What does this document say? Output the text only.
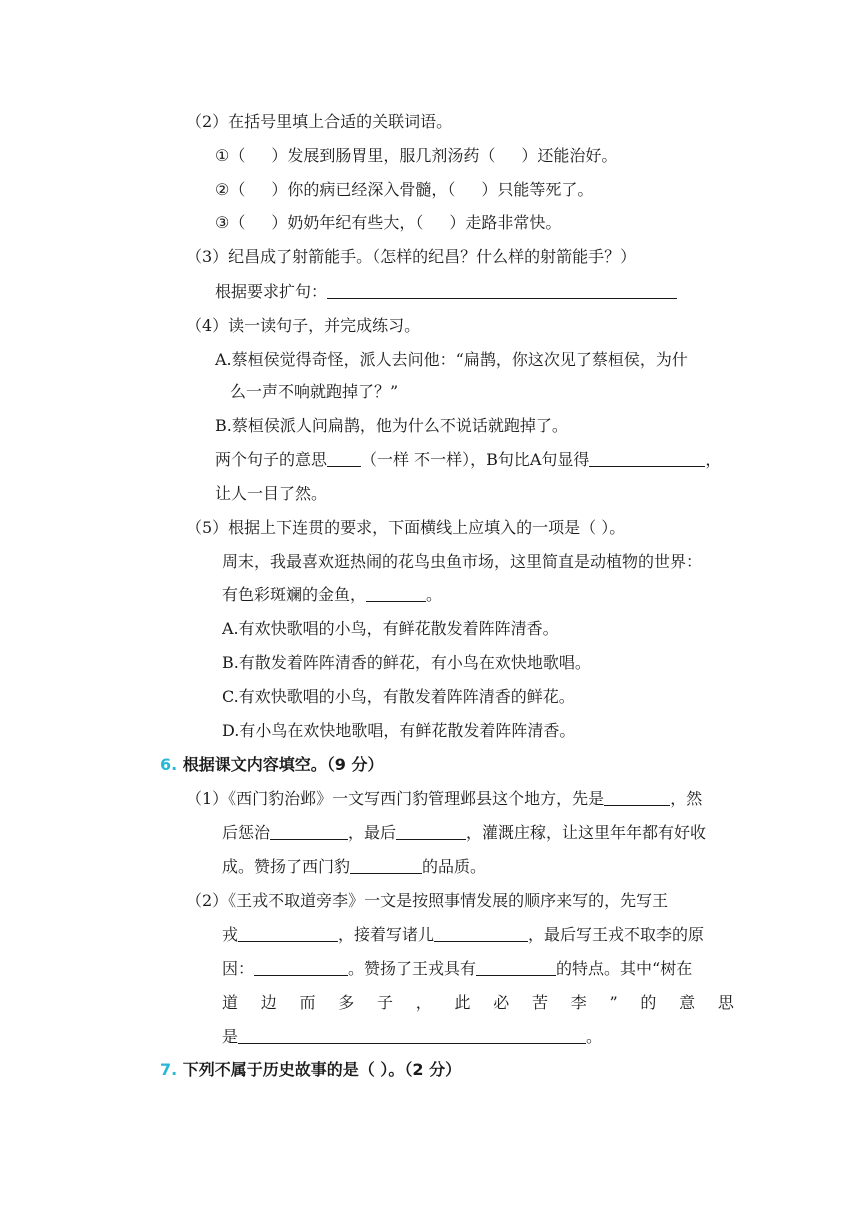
（2）在括号里填上合适的关联词语。
①（ ）发展到肠胃里，服几剂汤药（ ）还能治好。
②（ ）你的病已经深入骨髓，（ ）只能等死了。
③（ ）奶奶年纪有些大，（ ）走路非常快。
（3）纪昌成了射箭能手。（怎样的纪昌？什么样的射箭能手？）
根据要求扩句：
（4）读一读句子，并完成练习。
A.蔡桓侯觉得奇怪，派人去问他：“扁鹊，你这次见了蔡桓侯，为什
么一声不响就跑掉了？”
B.蔡桓侯派人问扁鹊，他为什么不说话就跑掉了。
两个句子的意思 （一样 不一样），B句比A句显得	，
让人一目了然。
（5）根据上下连贯的要求，下面横线上应填入的一项是（ ）。
周末，我最喜欢逛热闹的花鸟虫鱼市场，这里简直是动植物的世界：
有色彩斑斓的金鱼，	。
A.有欢快歌唱的小鸟，有鲜花散发着阵阵清香。
B.有散发着阵阵清香的鲜花，有小鸟在欢快地歌唱。
C.有欢快歌唱的小鸟，有散发着阵阵清香的鲜花。
D.有小鸟在欢快地歌唱，有鲜花散发着阵阵清香。
6. 根据课文内容填空。（9 分）
（1）《西门豹治邺》一文写西门豹管理邺县这个地方，先是	，然
后惩治	，最后	，灌溉庄稼，让这里年年都有好收
成。赞扬了西门豹	的品质。
（2）《王戎不取道旁李》一文是按照事情发展的顺序来写的，先写王
戎	，接着写诸儿	，最后写王戎不取李的原
因：	。赞扬了王戎具有	的特点。其中“树在
道 边 而 多 子 ， 此 必 苦 李 ” 的 意 思
是	。
7. 下列不属于历史故事的是（ ）。（2 分）
